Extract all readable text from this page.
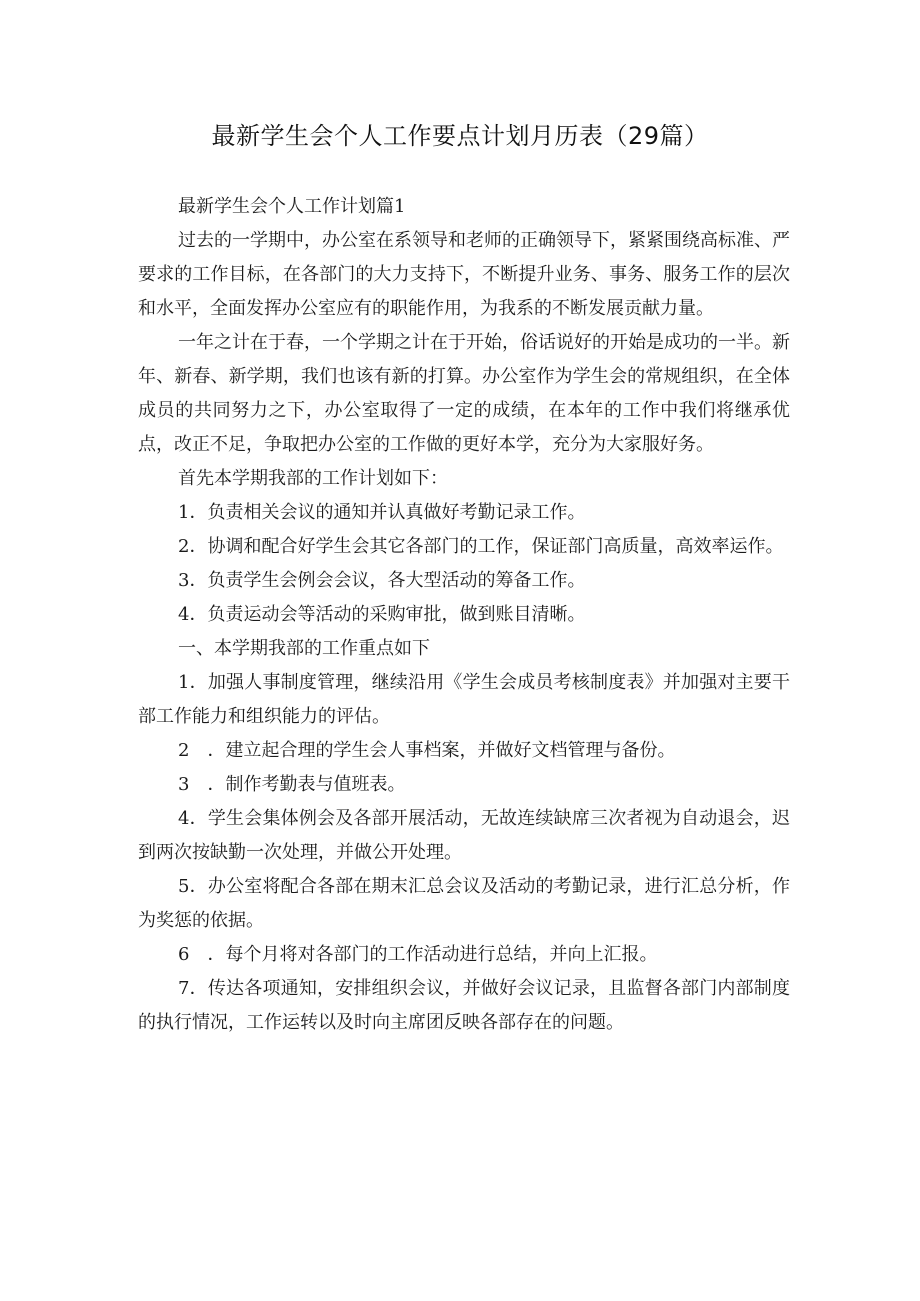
最新学生会个人工作要点计划月历表（29篇）

最新学生会个人工作计划篇1

过去的一学期中，办公室在系领导和老师的正确领导下，紧紧围绕高标准、严要求的工作目标，在各部门的大力支持下，不断提升业务、事务、服务工作的层次和水平，全面发挥办公室应有的职能作用，为我系的不断发展贡献力量。

一年之计在于春，一个学期之计在于开始，俗话说好的开始是成功的一半。新年、新春、新学期，我们也该有新的打算。办公室作为学生会的常规组织，在全体成员的共同努力之下，办公室取得了一定的成绩，在本年的工作中我们将继承优点，改正不足，争取把办公室的工作做的更好本学，充分为大家服好务。

首先本学期我部的工作计划如下：

1．负责相关会议的通知并认真做好考勤记录工作。

2．协调和配合好学生会其它各部门的工作，保证部门高质量，高效率运作。

3．负责学生会例会会议，各大型活动的筹备工作。

4．负责运动会等活动的采购审批，做到账目清晰。

一、本学期我部的工作重点如下

1．加强人事制度管理，继续沿用《学生会成员考核制度表》并加强对主要干部工作能力和组织能力的评估。

2　．建立起合理的学生会人事档案，并做好文档管理与备份。

3　．制作考勤表与值班表。

4．学生会集体例会及各部开展活动，无故连续缺席三次者视为自动退会，迟到两次按缺勤一次处理，并做公开处理。

5．办公室将配合各部在期末汇总会议及活动的考勤记录，进行汇总分析，作为奖惩的依据。

6　．每个月将对各部门的工作活动进行总结，并向上汇报。

7．传达各项通知，安排组织会议，并做好会议记录，且监督各部门内部制度的执行情况，工作运转以及时向主席团反映各部存在的问题。
